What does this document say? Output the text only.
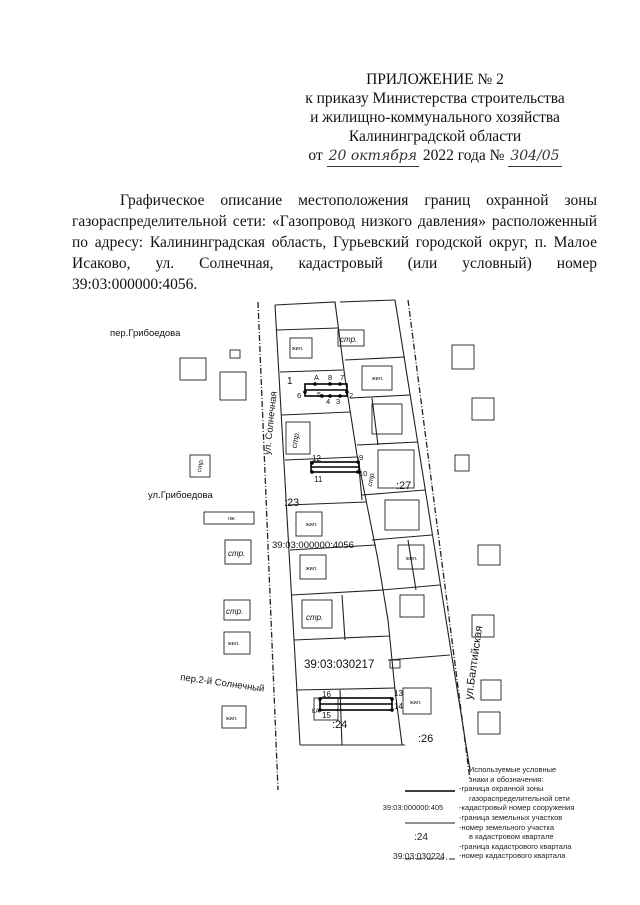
ПРИЛОЖЕНИЕ № 2
к приказу Министерства строительства
и жилищно-коммунального хозяйства
Калининградской области
от 20 октября 2022 года № 304/05
Графическое описание местоположения границ охранной зоны газораспределительной сети: «Газопровод низкого давления» расположенный по адресу: Калининградская область, Гурьевский городской округ, п. Малое Исаково, ул. Солнечная, кадастровый (или условный) номер 39:03:000000:4056.
пер.Грибоедова
ул.Грибоедова
пер.2-й Солнечный
ул. Солнечная
ул.Балтийская
39:03:000000:4056
39:03:030217
:23
:27
:24
:26
стр.
стр.
стр.
стр.
стр.
стр.
стр.
нж
жил.
жил.
жил.
жил.
жил.
жил.
жил.
жил.
А
КА
1
2
3
4
5
6
7
8
9
10
11
12
13
14
15
16
Используемые условные
знаки и обозначения:
-граница охранной зоны
газораспределительной сети
39:03:000000:405	-кадастровый номер сооружения
-граница земельных участков
-номер земельного участка
:24	в кадастровом квартале
-граница кадастрового квартала
39:03:030224	-номер кадастрового квартала
